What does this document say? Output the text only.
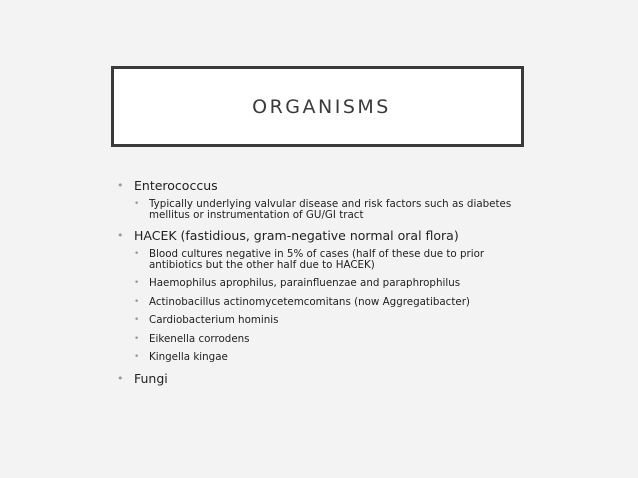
ORGANISMS
• Enterococcus
• Typically underlying valvular disease and risk factors such as diabetes
mellitus or instrumentation of GU/GI tract
• HACEK (fastidious, gram-negative normal oral flora)
• Blood cultures negative in 5% of cases (half of these due to prior
antibiotics but the other half due to HACEK)
• Haemophilus aprophilus, parainfluenzae and paraphrophilus
• Actinobacillus actinomycetemcomitans (now Aggregatibacter)
• Cardiobacterium hominis
• Eikenella corrodens
• Kingella kingae
• Fungi
